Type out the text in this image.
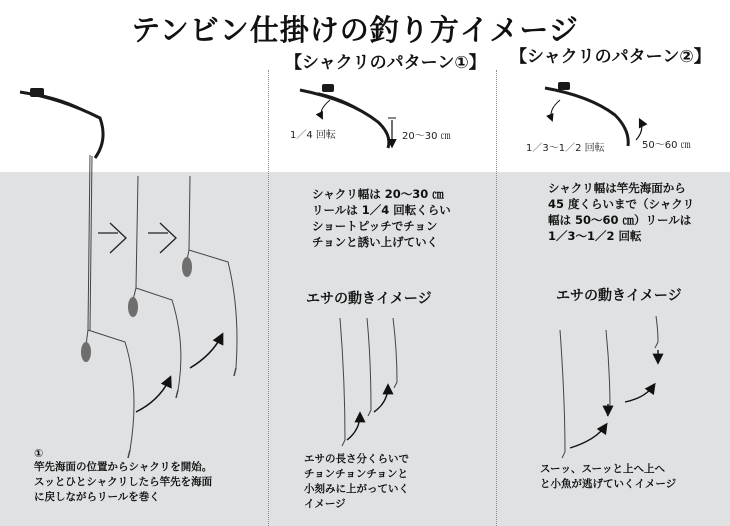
テンビン仕掛けの釣り方イメージ
【シャクリのパターン①】 【シャクリのパターン②】
1／4 回転	20〜30 ㎝
1／3〜1／2 回転	50〜60 ㎝
シャクリ幅は 20〜30 ㎝
リールは 1／4 回転くらい
ショートピッチでチョン
チョンと誘い上げていく
エサの動きイメージ
エサの長さ分くらいで
チョンチョンチョンと
小刻みに上がっていく
イメージ
シャクリ幅は竿先海面から
45 度くらいまで（シャクリ
幅は 50〜60 ㎝）リールは
1／3〜1／2 回転
エサの動きイメージ
スーッ、スーッと上へ上へ
と小魚が逃げていくイメージ
①
竿先海面の位置からシャクリを開始。
スッとひとシャクリしたら竿先を海面
に戻しながらリールを巻く
